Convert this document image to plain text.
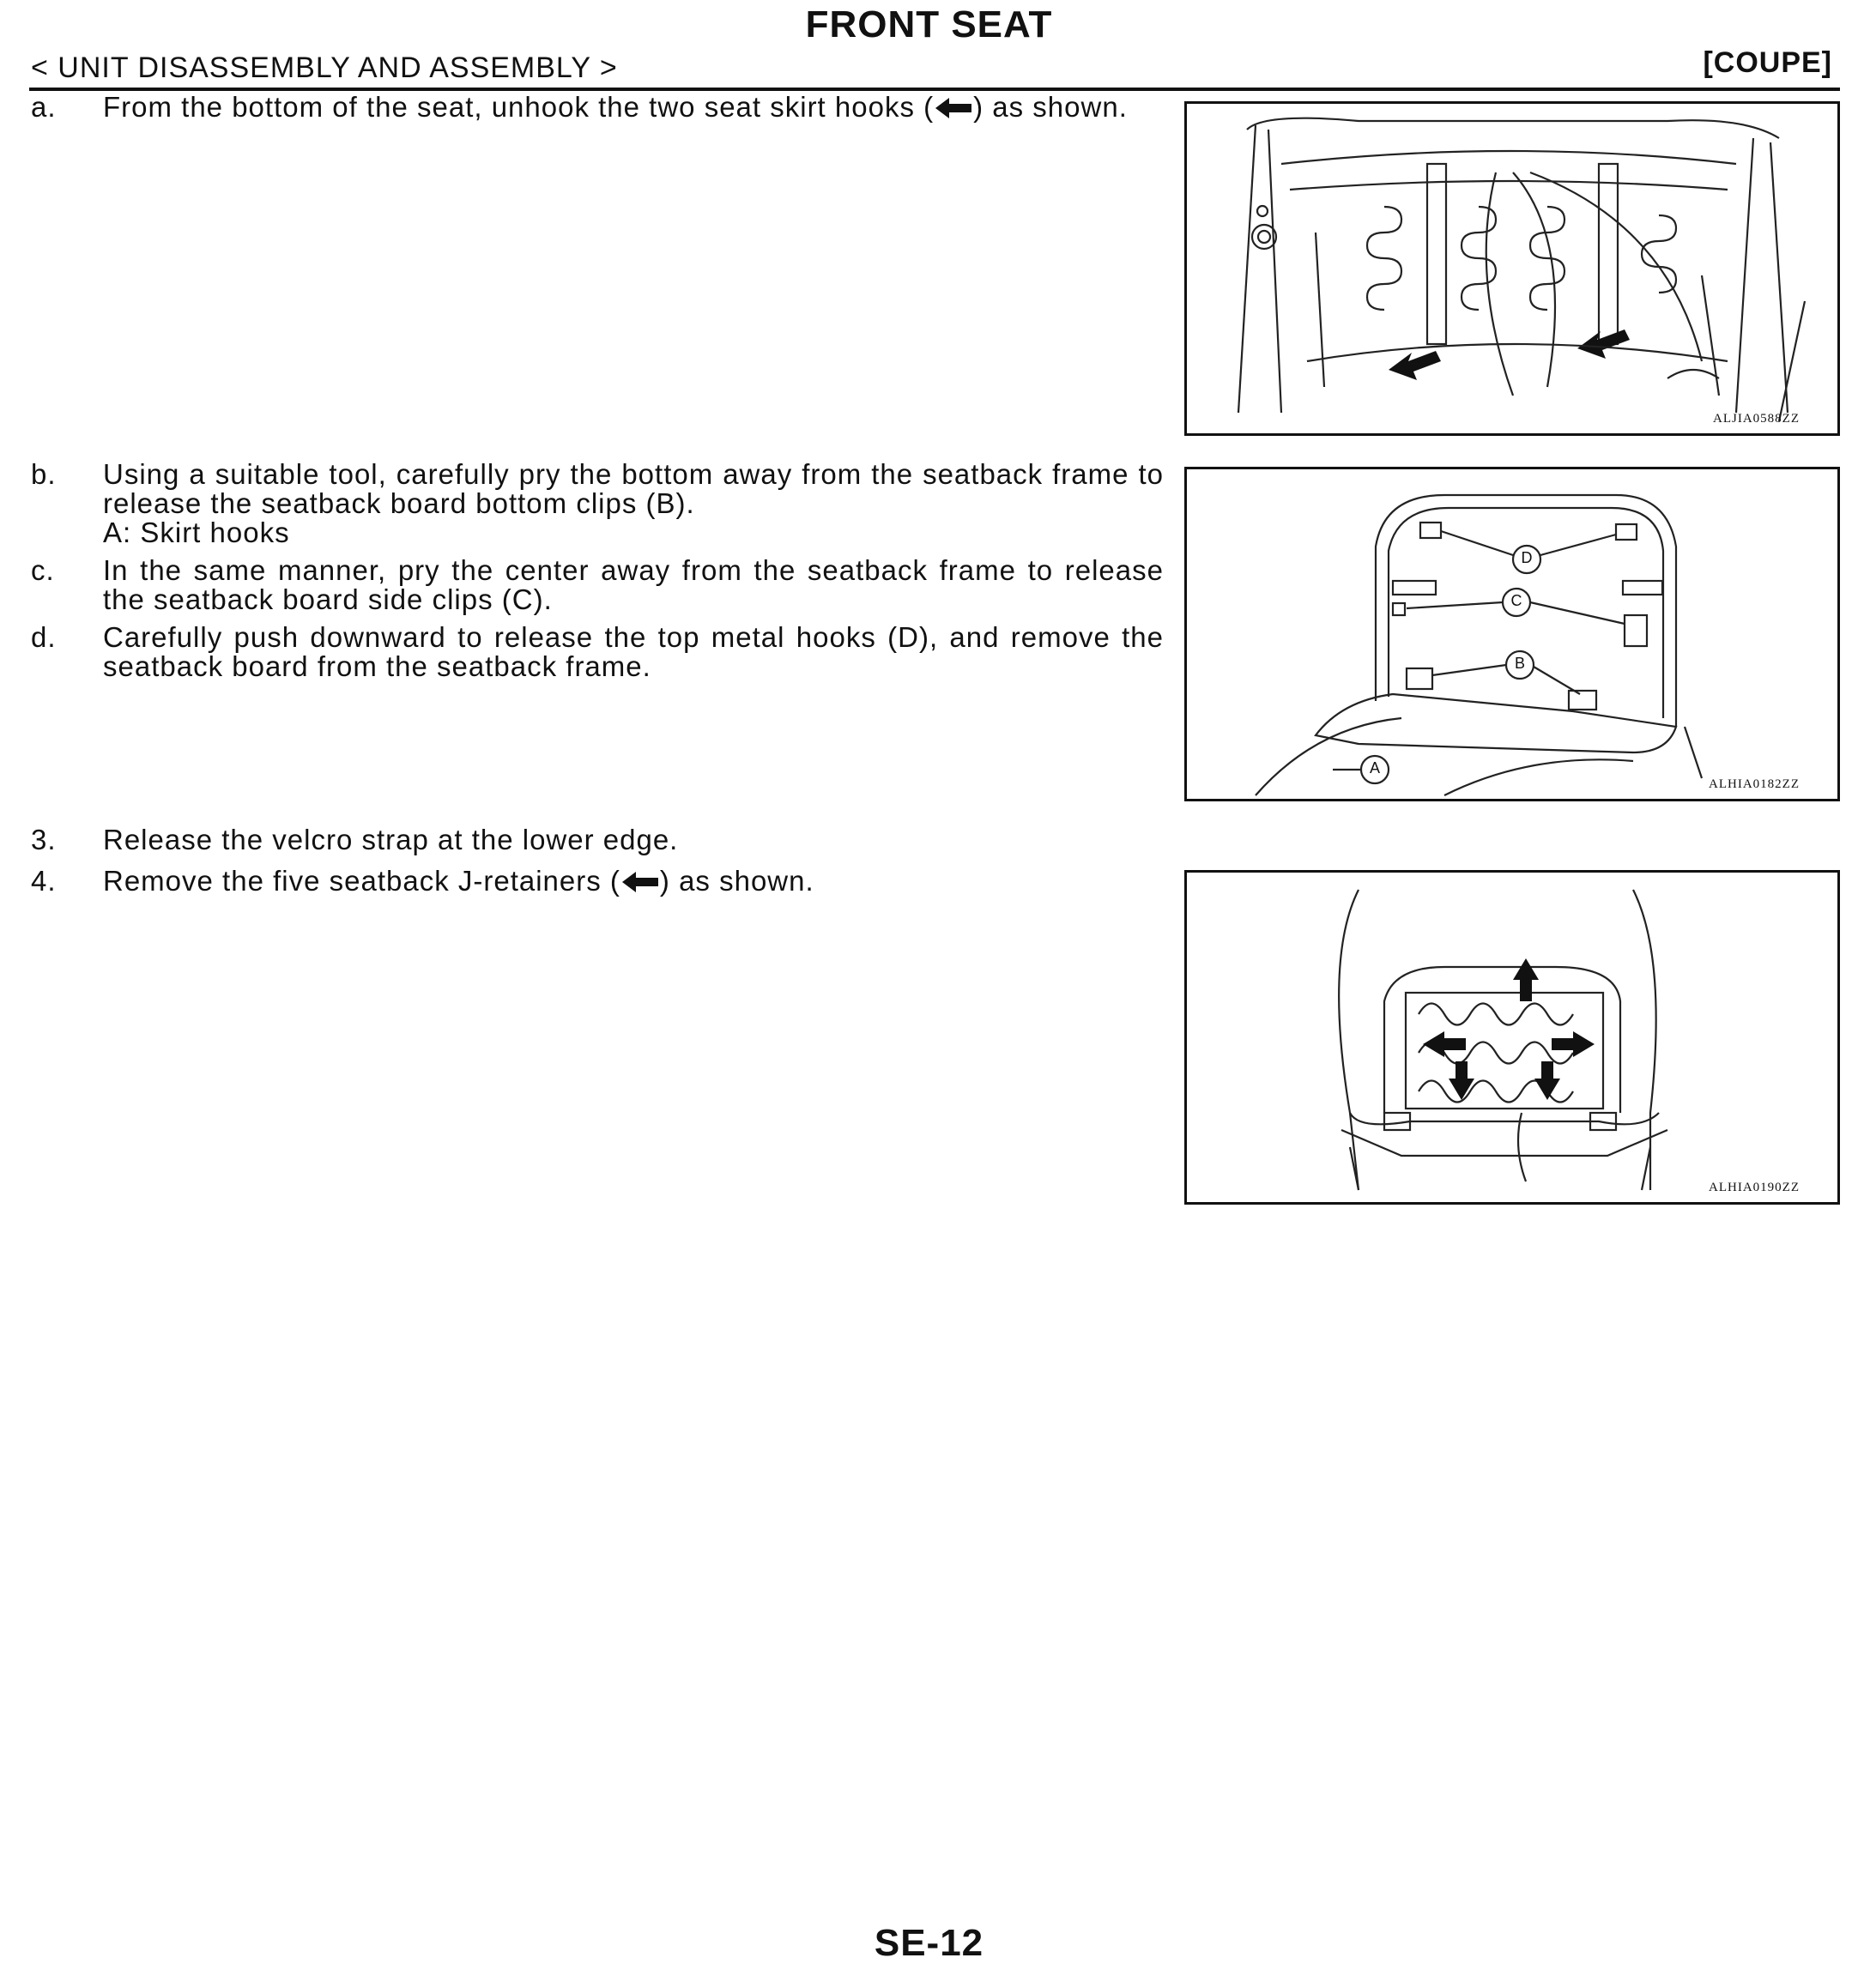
FRONT SEAT
< UNIT DISASSEMBLY AND ASSEMBLY >	[COUPE]
a. From the bottom of the seat, unhook the two seat skirt hooks ( ) as shown.
b. Using a suitable tool, carefully pry the bottom away from the seatback frame to release the seatback board bottom clips (B).
A: Skirt hooks
c. In the same manner, pry the center away from the seatback frame to release the seatback board side clips (C).
d. Carefully push downward to release the top metal hooks (D), and remove the seatback board from the seatback frame.
3. Release the velcro strap at the lower edge.
4. Remove the five seatback J-retainers ( ) as shown.
ALJIA0588ZZ
D
C
B
A
ALHIA0182ZZ
ALHIA0190ZZ
SE-12
